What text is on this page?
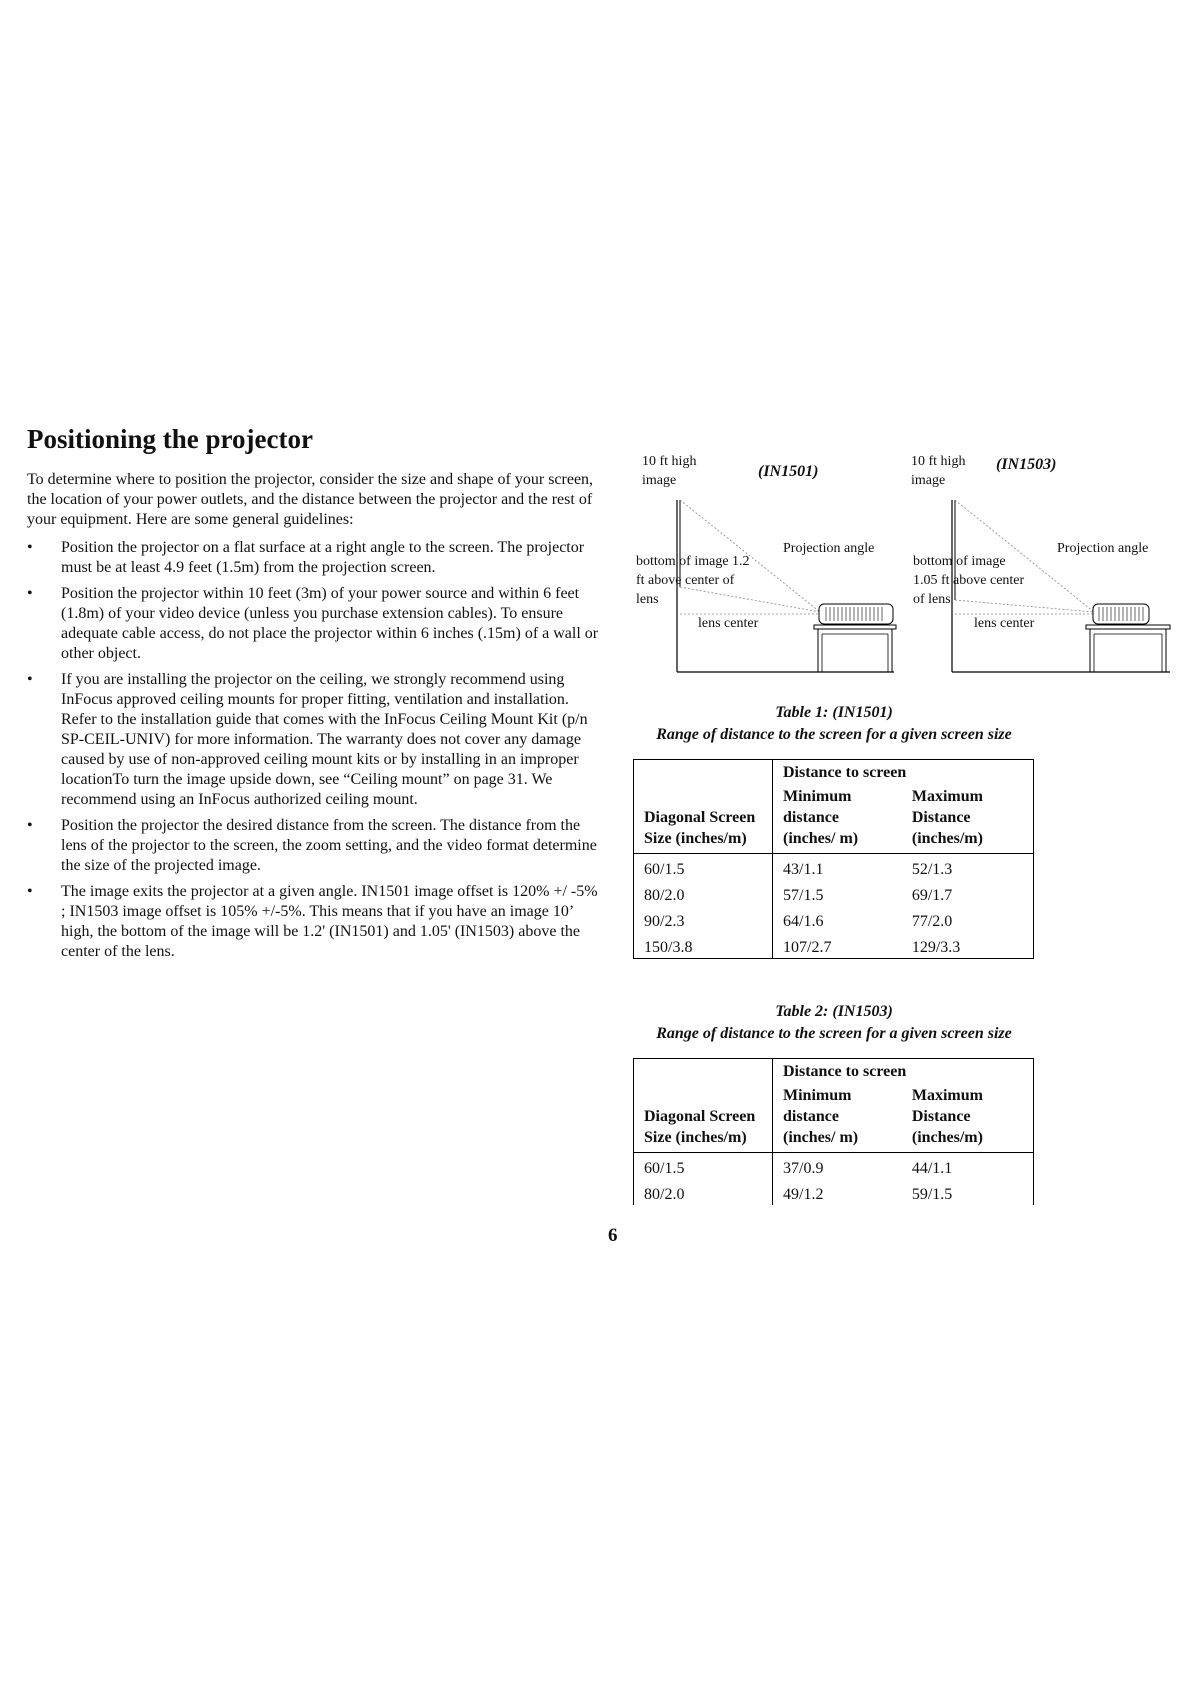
Positioning the projector

To determine where to position the projector, consider the size and shape of your screen, the location of your power outlets, and the distance between the projector and the rest of your equipment. Here are some general guidelines:

• Position the projector on a flat surface at a right angle to the screen. The projector must be at least 4.9 feet (1.5m) from the projection screen.
• Position the projector within 10 feet (3m) of your power source and within 6 feet (1.8m) of your video device (unless you purchase extension cables). To ensure adequate cable access, do not place the projector within 6 inches (.15m) of a wall or other object.
• If you are installing the projector on the ceiling, we strongly recommend using InFocus approved ceiling mounts for proper fitting, ventilation and installation. Refer to the installation guide that comes with the InFocus Ceiling Mount Kit (p/n SP-CEIL-UNIV) for more information. The warranty does not cover any damage caused by use of non-approved ceiling mount kits or by installing in an improper locationTo turn the image upside down, see “Ceiling mount” on page 31. We recommend using an InFocus authorized ceiling mount.
• Position the projector the desired distance from the screen. The distance from the lens of the projector to the screen, the zoom setting, and the video format determine the size of the projected image.
• The image exits the projector at a given angle. IN1501 image offset is 120% +/ -5% ; IN1503 image offset is 105% +/-5%. This means that if you have an image 10’ high, the bottom of the image will be 1.2' (IN1501) and 1.05' (IN1503) above the center of the lens.
10 ft high
image
(IN1501)
Projection angle
bottom of image 1.2
ft above center of
lens
lens center
10 ft high
image
(IN1503)
Projection angle
bottom of image
1.05 ft above center
of lens
lens center
Table 1: (IN1501)
Range of distance to the screen for a given screen size
	Distance to screen	
Diagonal Screen Size (inches/m)	Minimum distance (inches/ m)	Maximum Distance (inches/m)
60/1.5	43/1.1	52/1.3
80/2.0	57/1.5	69/1.7
90/2.3	64/1.6	77/2.0
150/3.8	107/2.7	129/3.3
Table 2: (IN1503)
Range of distance to the screen for a given screen size
	Distance to screen	
Diagonal Screen Size (inches/m)	Minimum distance (inches/ m)	Maximum Distance (inches/m)
60/1.5	37/0.9	44/1.1
80/2.0	49/1.2	59/1.5
6
